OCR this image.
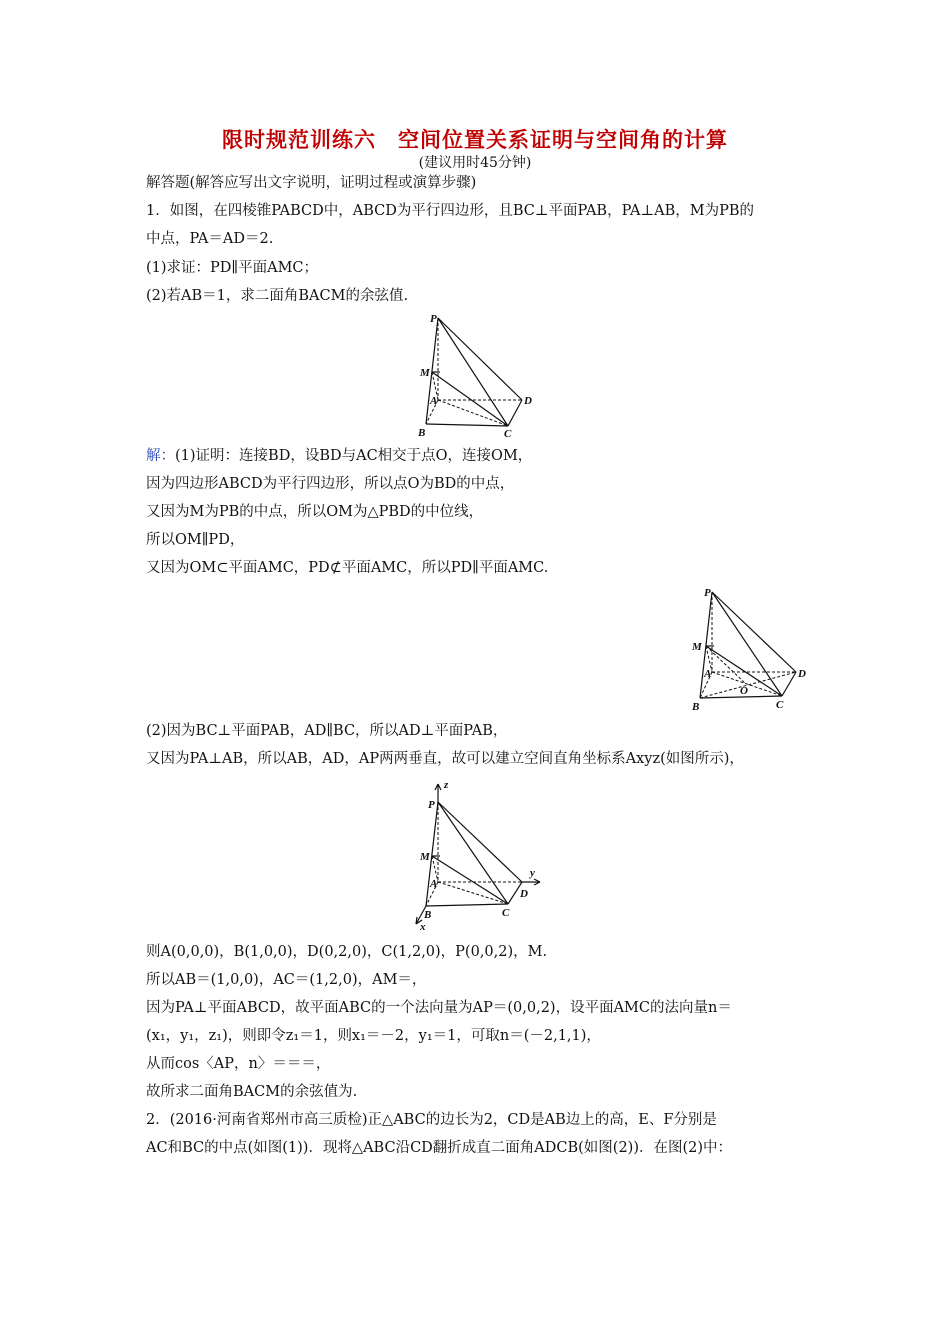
限时规范训练六　空间位置关系证明与空间角的计算
(建议用时45分钟)
解答题(解答应写出文字说明，证明过程或演算步骤)
1．如图，在四棱锥PABCD中，ABCD为平行四边形，且BC⊥平面PAB，PA⊥AB，M为PB的
中点，PA＝AD＝2.
(1)求证：PD∥平面AMC；
(2)若AB＝1，求二面角BACM的余弦值.
P
M
A
B	C
D
解：(1)证明：连接BD，设BD与AC相交于点O，连接OM，
因为四边形ABCD为平行四边形，所以点O为BD的中点，
又因为M为PB的中点，所以OM为△PBD的中位线，
所以OM∥PD，
又因为OM⊂平面AMC，PD⊄平面AMC，所以PD∥平面AMC.
P
M
A
O
B	C
D
(2)因为BC⊥平面PAB，AD∥BC，所以AD⊥平面PAB，
又因为PA⊥AB，所以AB，AD，AP两两垂直，故可以建立空间直角坐标系Axyz(如图所示)，
z
P
M
A
B	C
D
y
x
则A(0,0,0)，B(1,0,0)，D(0,2,0)，C(1,2,0)，P(0,0,2)，M.
所以AB＝(1,0,0)，AC＝(1,2,0)，AM＝，
因为PA⊥平面ABCD，故平面ABC的一个法向量为AP＝(0,0,2)，设平面AMC的法向量n＝
(x₁，y₁，z₁)，则即令z₁＝1，则x₁＝－2，y₁＝1，可取n＝(－2,1,1)，
从而cos〈AP，n〉＝＝＝，
故所求二面角BACM的余弦值为.
2．(2016·河南省郑州市高三质检)正△ABC的边长为2，CD是AB边上的高，E、F分别是
AC和BC的中点(如图(1))．现将△ABC沿CD翻折成直二面角ADCB(如图(2))．在图(2)中：
